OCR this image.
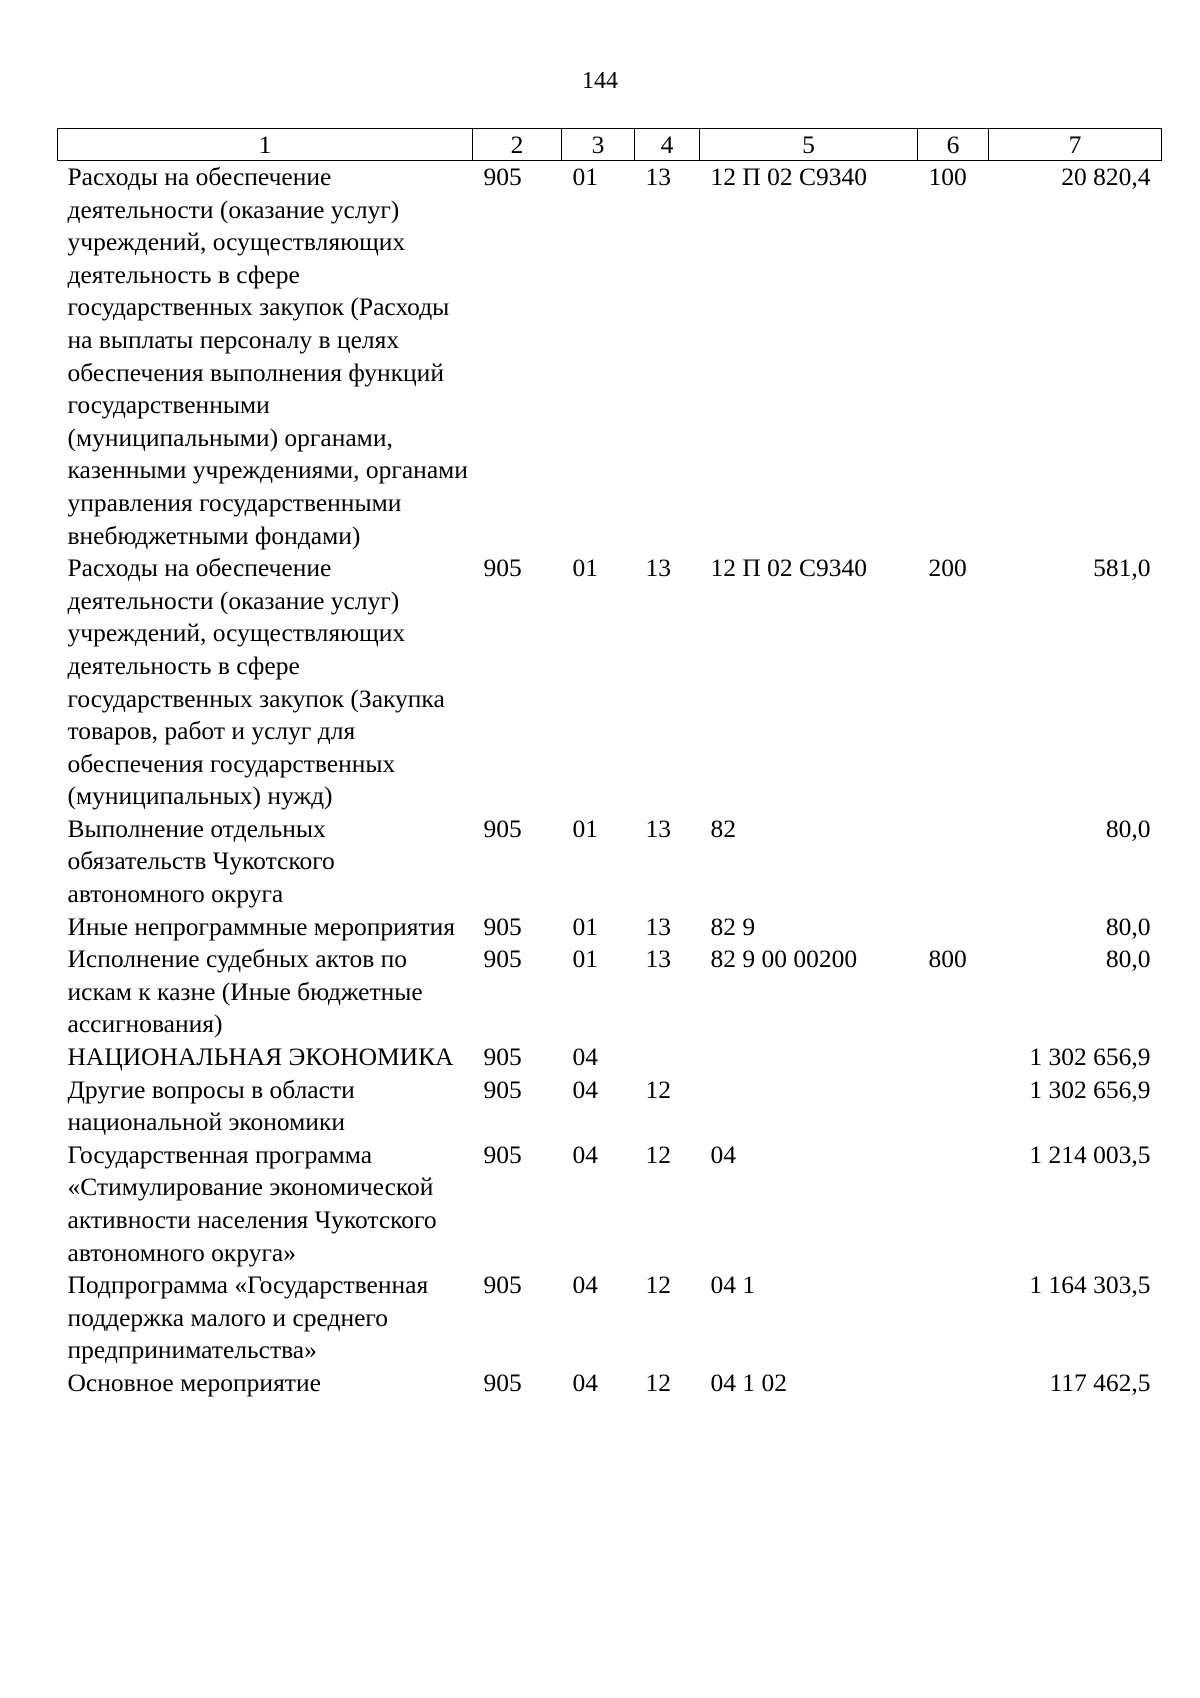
144
1	2	3	4	5	6	7
Расходы на обеспечение деятельности (оказание услуг) учреждений, осуществляющих деятельность в сфере государственных закупок (Расходы на выплаты персоналу в целях обеспечения выполнения функций государственными (муниципальными) органами, казенными учреждениями, органами управления государственными внебюджетными фондами)	905	01	13	12 П 02 С9340	100	20 820,4
Расходы на обеспечение деятельности (оказание услуг) учреждений, осуществляющих деятельность в сфере государственных закупок (Закупка товаров, работ и услуг для обеспечения государственных (муниципальных) нужд)	905	01	13	12 П 02 С9340	200	581,0
Выполнение отдельных обязательств Чукотского автономного округа	905	01	13	82		80,0
Иные непрограммные мероприятия	905	01	13	82 9		80,0
Исполнение судебных актов по искам к казне (Иные бюджетные ассигнования)	905	01	13	82 9 00 00200	800	80,0
НАЦИОНАЛЬНАЯ ЭКОНОМИКА	905	04				1 302 656,9
Другие вопросы в области национальной экономики	905	04	12			1 302 656,9
Государственная программа «Стимулирование экономической активности населения Чукотского автономного округа»	905	04	12	04		1 214 003,5
Подпрограмма «Государственная поддержка малого и среднего предпринимательства»	905	04	12	04 1		1 164 303,5
Основное мероприятие	905	04	12	04 1 02		117 462,5
